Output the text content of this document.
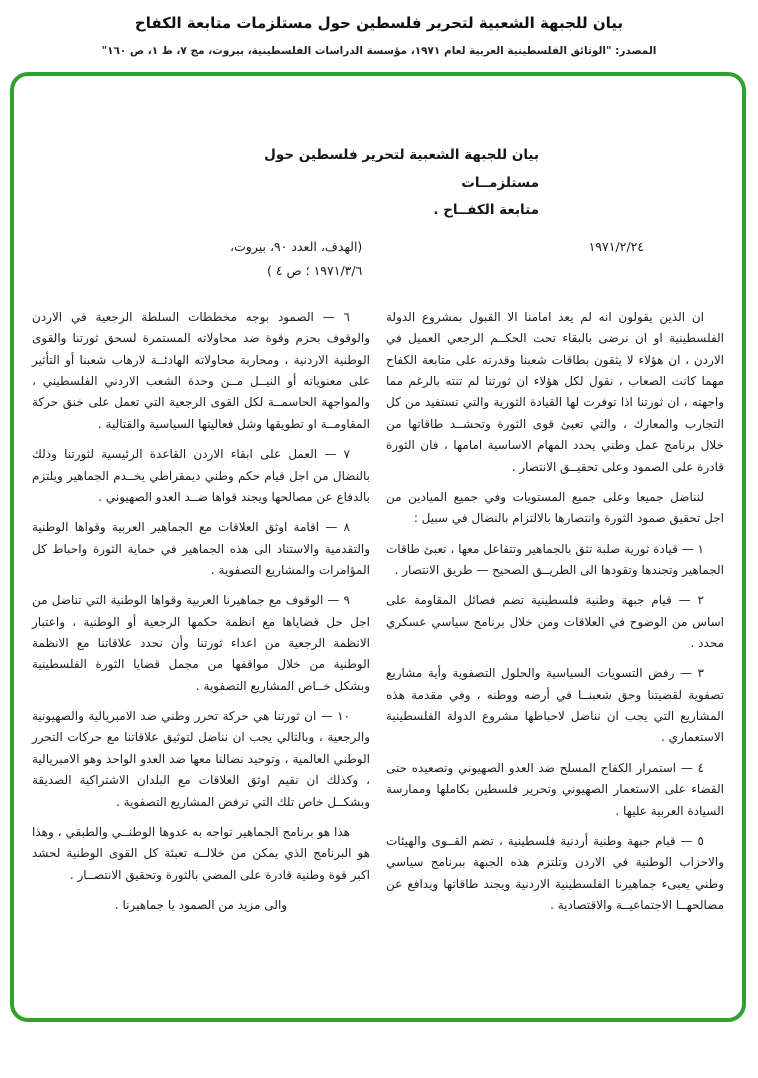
بيان للجبهة الشعبية لتحرير فلسطين حول مستلزمات متابعة الكفاح
المصدر: "الوثائق الفلسطينية العربية لعام ١٩٧١، مؤسسة الدراسات الفلسطينية، بيروت، مج ٧، ط ١، ص ١٦٠"
بيان للجبهة الشعبية لتحرير فلسطين حول مستلزمــات
متابعة الكفــاح .
١٩٧١/٢/٢٤
(الهدف، العدد ٩٠، بيروت،
١٩٧١/٣/٦ ؛ ص ٤ )

ان الذين يقولون انه لم يعد امامنا الا القبول بمشروع الدولة الفلسطينية او ان نرضى بالبقاء تحت الحكــم الرجعي العميل في الاردن ، ان هؤلاء لا يثقون بطاقات شعبنا وقدرته على متابعة الكفاح مهما كانت الصعاب ، نقول لكل هؤلاء ان ثورتنا لم تنته بالرغم مما واجهته ، ان ثورتنا اذا توفرت لها القيادة الثورية والتي تستفيد من كل التجارب والمعارك ، والتي تعبئ قوى الثورة وتحشــد طاقاتها من خلال برنامج عمل وطني يحدد المهام الاساسية امامها ، فان الثورة قادرة على الصمود وعلى تحقيــق الانتصار .

لنناضل جميعا وعلى جميع المستويات وفي جميع الميادين من اجل تحقيق صمود الثورة وانتصارها بالالتزام بالنضال في سبيل :

١ — قيادة ثورية صلبة تثق بالجماهير وتتفاعل معها ، تعبئ طاقات الجماهير وتجندها وتقودها الى الطريــق الصحيح — طريق الانتصار .

٢ — قيام جبهة وطنية فلسطينية تضم فصائل المقاومة على اساس من الوضوح في العلاقات ومن خلال برنامج سياسي عسكري محدد .

٣ — رفض التسويات السياسية والحلول التصفوية وأية مشاريع تصفوية لقضيتنا وحق شعبنــا في أرضه ووطنه ، وفي مقدمة هذه المشاريع التي يجب ان نناضل لاحباطها مشروع الدولة الفلسطينية الاستعماري .

٤ — استمرار الكفاح المسلح ضد العدو الصهيوني وتصعيده حتى القضاء على الاستعمار الصهيوني وتحرير فلسطين بكاملها وممارسة السيادة العربية عليها .

٥ — قيام جبهة وطنية أردنية فلسطينية ، تضم القــوى والهيئات والاحزاب الوطنية في الاردن وتلتزم هذه الجبهة ببرنامج سياسي وطني يعبىء جماهيرنا الفلسطينية الاردنية ويجند طاقاتها ويدافع عن مصالحهــا الاجتماعيــة والاقتصادية .

٦ — الصمود بوجه مخططات السلطة الرجعية في الاردن والوقوف بحزم وقوة ضد محاولاته المستمرة لسحق ثورتنا والقوى الوطنية الاردنية ، ومحاربة محاولاته الهادئــة لارهاب شعبنا أو التأثير على معنوياته أو النيــل مــن وحدة الشعب الاردني الفلسطيني ، والمواجهة الحاسمــة لكل القوى الرجعية التي تعمل على خنق حركة المقاومــة او تطويقها وشل فعاليتها السياسية والقتالية .

٧ — العمل على ابقاء الاردن القاعدة الرئيسية لثورتنا وذلك بالنضال من اجل قيام حكم وطني ديمقراطي يخــدم الجماهير ويلتزم بالدفاع عن مصالحها ويجند قواها ضــد العدو الصهيوني .

٨ — اقامة اوثق العلاقات مع الجماهير العربية وقواها الوطنية والتقدمية والاستناد الى هذه الجماهير في حماية الثورة واحباط كل المؤامرات والمشاريع التصفوية .

٩ — الوقوف مع جماهيرنا العربية وقواها الوطنية التي تناضل من اجل حل قضاياها مع انظمة حكمها الرجعية أو الوطنية ، واعتبار الانظمة الرجعية من اعداء ثورتنا وأن نحدد علاقاتنا مع الانظمة الوطنية من خلال مواقفها من مجمل قضايا الثورة الفلسطينية وبشكل خــاص المشاريع التصفوية .

١٠ — ان ثورتنا هي حركة تحرر وطني ضد الامبريالية والصهيونية والرجعية ، وبالتالي يجب ان نناضل لتوثيق علاقاتنا مع حركات التحرر الوطني العالمية ، وتوحيد نضالنا معها ضد العدو الواحد وهو الامبريالية ، وكذلك ان نقيم اوثق العلاقات مع البلدان الاشتراكية الصديقة وبشكــل خاص تلك التي ترفض المشاريع التصفوية .

هذا هو برنامج الجماهير تواجه به عدوها الوطنــي والطبقي ، وهذا هو البرنامج الذي يمكن من خلالــه تعبئة كل القوى الوطنية لحشد اكبر قوة وطنية قادرة على المضي بالثورة وتحقيق الانتصــار .

والى مزيد من الصمود يا جماهيرنا .
